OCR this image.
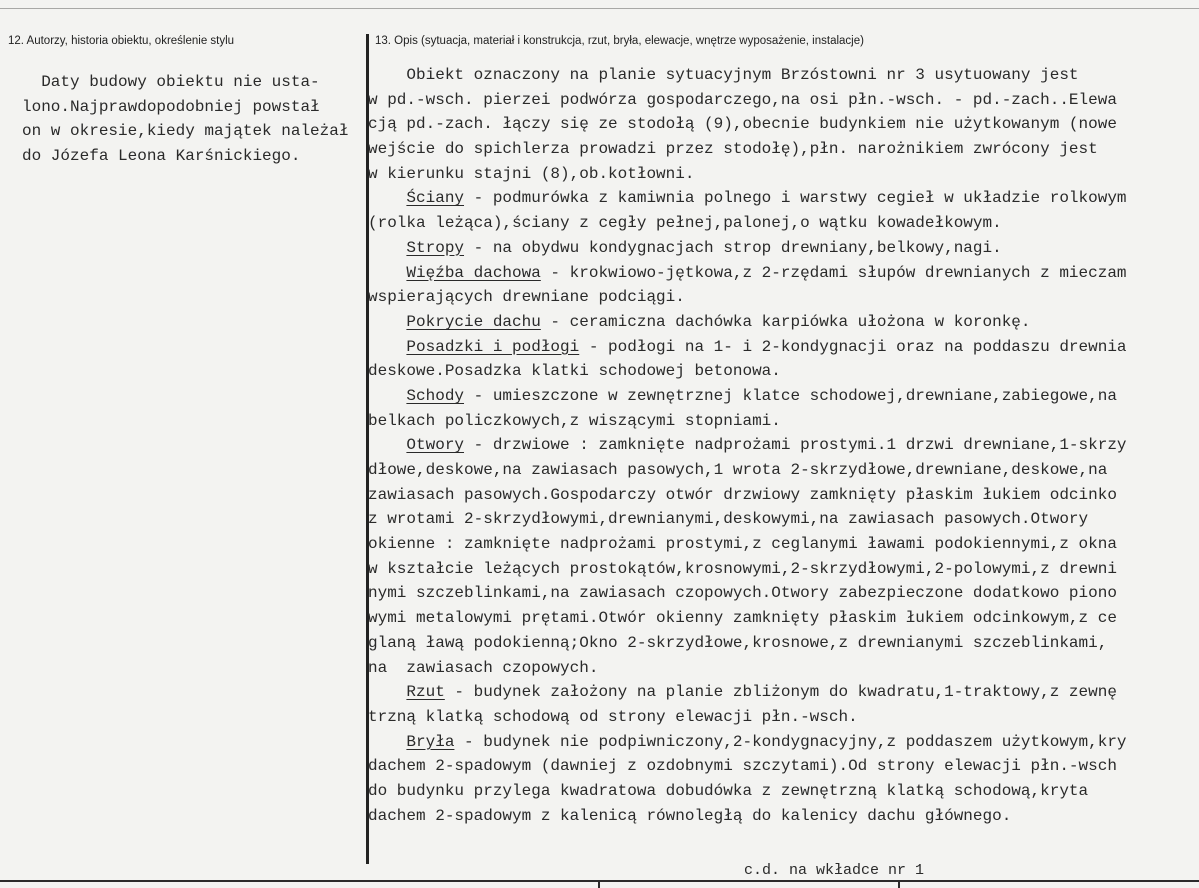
12. Autorzy, historia obiektu, określenie stylu	13. Opis (sytuacja, materiał i konstrukcja, rzut, bryła, elewacje, wnętrze wyposażenie, instalacje)
Daty budowy obiektu nie usta-
lono.Najprawdopodobniej powstał
on w okresie,kiedy majątek należał
do Józefa Leona Karśnickiego.
Obiekt oznaczony na planie sytuacyjnym Brzóstowni nr 3 usytuowany jest
w pd.-wsch. pierzei podwórza gospodarczego,na osi płn.-wsch. - pd.-zach..Elewa
cją pd.-zach. łączy się ze stodołą (9),obecnie budynkiem nie użytkowanym (nowe
wejście do spichlerza prowadzi przez stodołę),płn. narożnikiem zwrócony jest
w kierunku stajni (8),ob.kotłowni.
Ściany - podmurówka z kamiwnia polnego i warstwy cegieł w układzie rolkowym
(rolka leżąca),ściany z cegły pełnej,palonej,o wątku kowadełkowym.
Stropy - na obydwu kondygnacjach strop drewniany,belkowy,nagi.
Więźba dachowa - krokwiowo-jętkowa,z 2-rzędami słupów drewnianych z mieczam
wspierających drewniane podciągi.
Pokrycie dachu - ceramiczna dachówka karpiówka ułożona w koronkę.
Posadzki i podłogi - podłogi na 1- i 2-kondygnacji oraz na poddaszu drewnia
deskowe.Posadzka klatki schodowej betonowa.
Schody - umieszczone w zewnętrznej klatce schodowej,drewniane,zabiegowe,na
belkach policzkowych,z wiszącymi stopniami.
Otwory - drzwiowe : zamknięte nadprożami prostymi.1 drzwi drewniane,1-skrzy
dłowe,deskowe,na zawiasach pasowych,1 wrota 2-skrzydłowe,drewniane,deskowe,na
zawiasach pasowych.Gospodarczy otwór drzwiowy zamknięty płaskim łukiem odcinko
z wrotami 2-skrzydłowymi,drewnianymi,deskowymi,na zawiasach pasowych.Otwory
okienne : zamknięte nadprożami prostymi,z ceglanymi ławami podokiennymi,z okna
w kształcie leżących prostokątów,krosnowymi,2-skrzydłowymi,2-polowymi,z drewni
nymi szczeblinkami,na zawiasach czopowych.Otwory zabezpieczone dodatkowo piono
wymi metalowymi prętami.Otwór okienny zamknięty płaskim łukiem odcinkowym,z ce
glaną ławą podokienną;Okno 2-skrzydłowe,krosnowe,z drewnianymi szczeblinkami,
na  zawiasach czopowych.
Rzut - budynek założony na planie zbliżonym do kwadratu,1-traktowy,z zewnę
trzną klatką schodową od strony elewacji płn.-wsch.
Bryła - budynek nie podpiwniczony,2-kondygnacyjny,z poddaszem użytkowym,kry
dachem 2-spadowym (dawniej z ozdobnymi szczytami).Od strony elewacji płn.-wsch
do budynku przylega kwadratowa dobudówka z zewnętrzną klatką schodową,kryta
dachem 2-spadowym z kalenicą równoległą do kalenicy dachu głównego.
c.d. na wkładce nr 1
